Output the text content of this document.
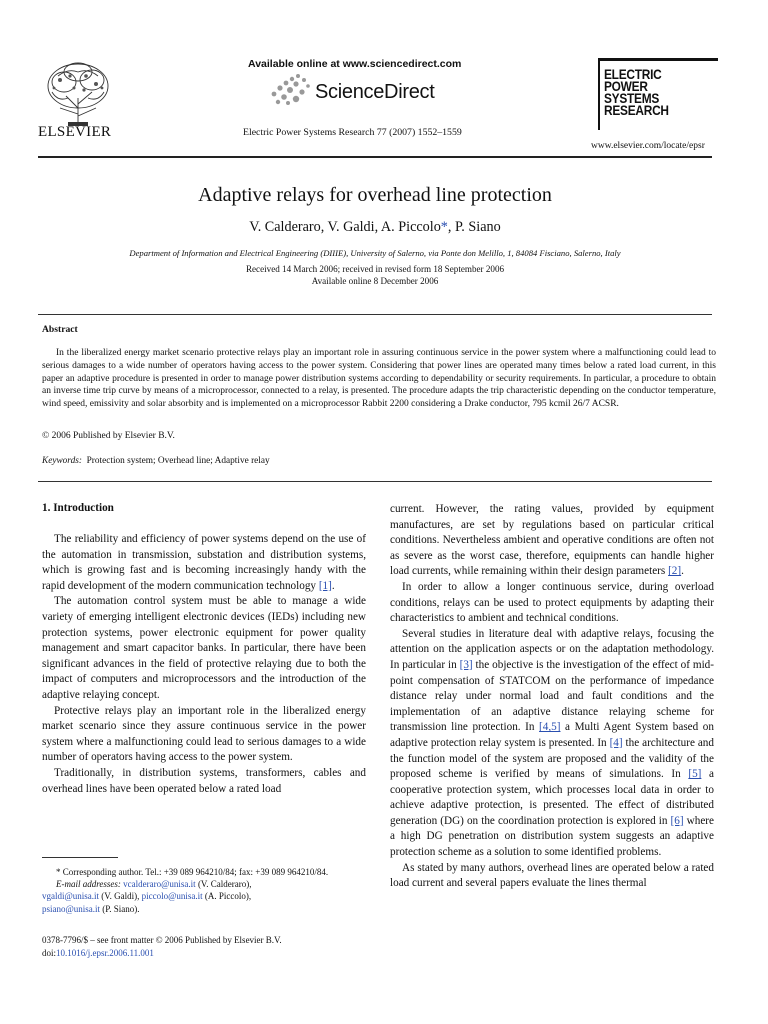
ELSEVIER
Available online at www.sciencedirect.com
ScienceDirect
Electric Power Systems Research 77 (2007) 1552–1559
ELECTRIC
POWER
SYSTEMS
RESEARCH
www.elsevier.com/locate/epsr
Adaptive relays for overhead line protection
V. Calderaro, V. Galdi, A. Piccolo*, P. Siano
Department of Information and Electrical Engineering (DIIIE), University of Salerno, via Ponte don Melillo, 1, 84084 Fisciano, Salerno, Italy
Received 14 March 2006; received in revised form 18 September 2006
Available online 8 December 2006
Abstract
In the liberalized energy market scenario protective relays play an important role in assuring continuous service in the power system where a malfunctioning could lead to serious damages to a wide number of operators having access to the power system. Considering that power lines are operated many times below a rated load current, in this paper an adaptive procedure is presented in order to manage power distribution systems according to dependability or security requirements. In particular, a procedure to obtain an inverse time trip curve by means of a microprocessor, connected to a relay, is presented. The procedure adapts the trip characteristic depending on the conductor temperature, wind speed, emissivity and solar absorbity and is implemented on a microprocessor Rabbit 2200 considering a Drake conductor, 795 kcmil 26/7 ACSR.
© 2006 Published by Elsevier B.V.
Keywords: Protection system; Overhead line; Adaptive relay
1. Introduction

The reliability and efficiency of power systems depend on the use of the automation in transmission, substation and distribution systems, which is growing fast and is becoming increasingly handy with the rapid development of the modern communication technology [1].

The automation control system must be able to manage a wide variety of emerging intelligent electronic devices (IEDs) including new protection systems, power electronic equipment for power quality management and smart capacitor banks. In particular, there have been significant advances in the field of protective relaying due to both the impact of computers and microprocessors and the introduction of the adaptive relaying concept.

Protective relays play an important role in the liberalized energy market scenario since they assure continuous service in the power system where a malfunctioning could lead to serious damages to a wide number of operators having access to the power system.

Traditionally, in distribution systems, transformers, cables and overhead lines have been operated below a rated load

current. However, the rating values, provided by equipment manufactures, are set by regulations based on particular critical conditions. Nevertheless ambient and operative conditions are often not as severe as the worst case, therefore, equipments can handle higher load currents, while remaining within their design parameters [2].

In order to allow a longer continuous service, during overload conditions, relays can be used to protect equipments by adapting their characteristics to ambient and technical conditions.

Several studies in literature deal with adaptive relays, focusing the attention on the application aspects or on the adaptation methodology. In particular in [3] the objective is the investigation of the effect of mid-point compensation of STATCOM on the performance of impedance distance relay under normal load and fault conditions and the implementation of an adaptive distance relaying scheme for transmission line protection. In [4,5] a Multi Agent System based on adaptive protection relay system is presented. In [4] the architecture and the function model of the system are proposed and the validity of the proposed scheme is verified by means of simulations. In [5] a cooperative protection system, which processes local data in order to achieve adaptive protection, is presented. The effect of distributed generation (DG) on the coordination protection is explored in [6] where a high DG penetration on distribution system suggests an adaptive protection scheme as a solution to some identified problems.

As stated by many authors, overhead lines are operated below a rated load current and several papers evaluate the lines thermal

* Corresponding author. Tel.: +39 089 964210/84; fax: +39 089 964210/84.
E-mail addresses: vcalderaro@unisa.it (V. Calderaro),
vgaldi@unisa.it (V. Galdi), piccolo@unisa.it (A. Piccolo),
psiano@unisa.it (P. Siano).
0378-7796/$ – see front matter © 2006 Published by Elsevier B.V.
doi:10.1016/j.epsr.2006.11.001
